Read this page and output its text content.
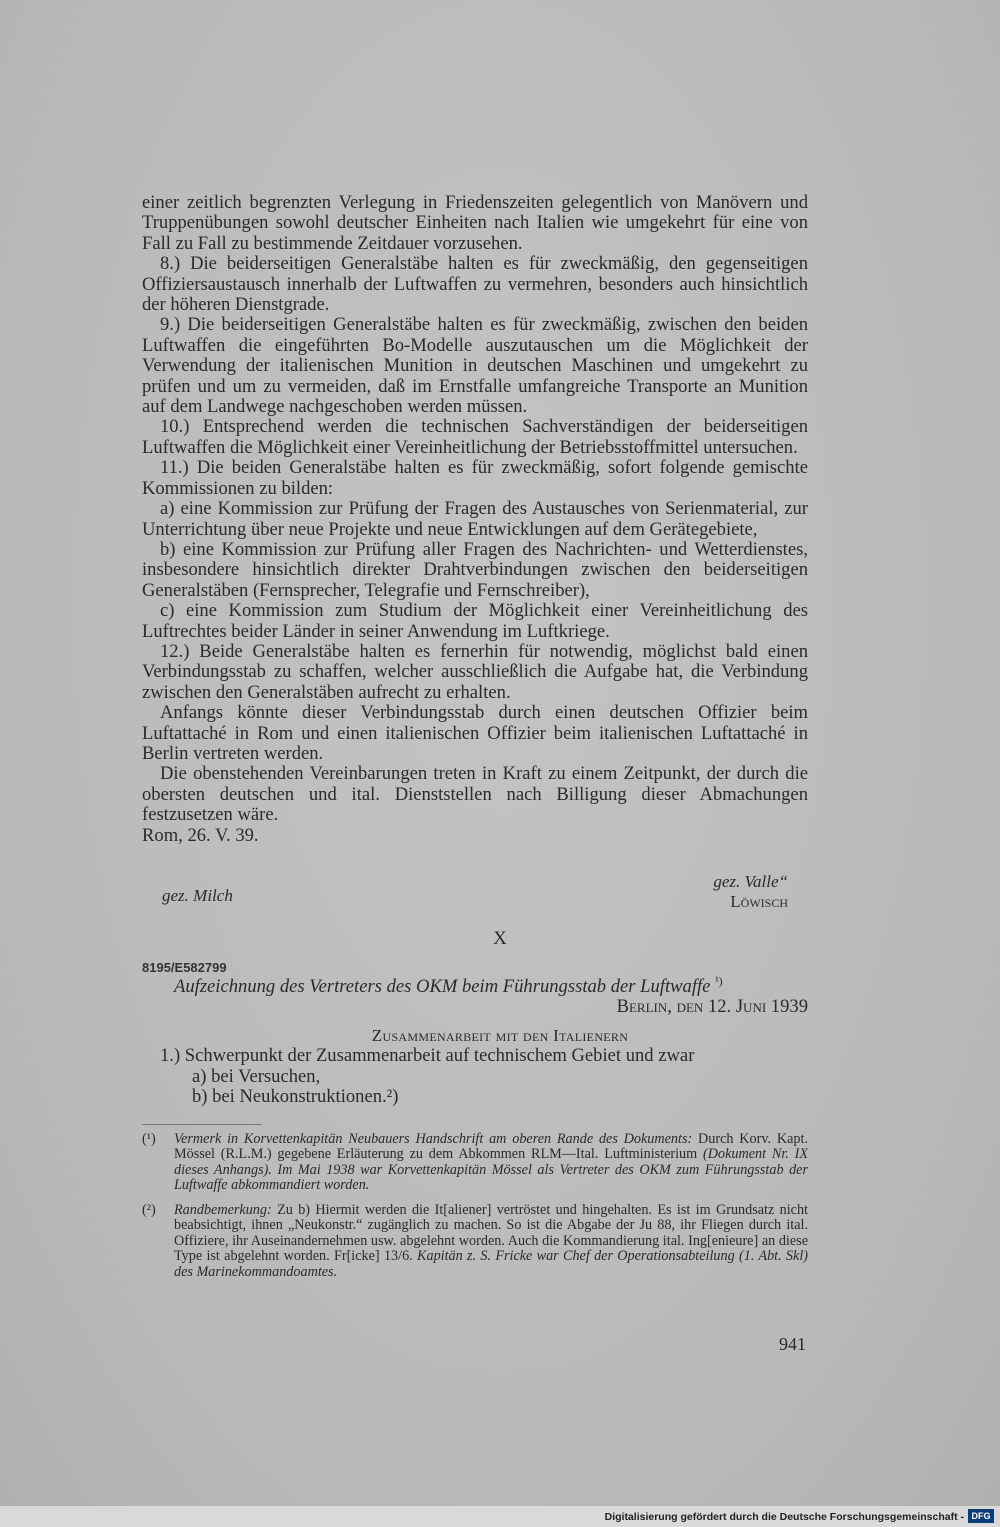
einer zeitlich begrenzten Verlegung in Friedenszeiten gelegentlich von Manövern und Truppenübungen sowohl deutscher Einheiten nach Italien wie umgekehrt für eine von Fall zu Fall zu bestimmende Zeitdauer vorzusehen.

8.) Die beiderseitigen Generalstäbe halten es für zweckmäßig, den gegenseitigen Offiziersaustausch innerhalb der Luftwaffen zu vermehren, besonders auch hinsichtlich der höheren Dienstgrade.

9.) Die beiderseitigen Generalstäbe halten es für zweckmäßig, zwischen den beiden Luftwaffen die eingeführten Bo-Modelle auszutauschen um die Möglichkeit der Verwendung der italienischen Munition in deutschen Maschinen und umgekehrt zu prüfen und um zu vermeiden, daß im Ernstfalle umfangreiche Transporte an Munition auf dem Landwege nachgeschoben werden müssen.

10.) Entsprechend werden die technischen Sachverständigen der beiderseitigen Luftwaffen die Möglichkeit einer Vereinheitlichung der Betriebsstoffmittel untersuchen.

11.) Die beiden Generalstäbe halten es für zweckmäßig, sofort folgende gemischte Kommissionen zu bilden:

a) eine Kommission zur Prüfung der Fragen des Austausches von Serienmaterial, zur Unterrichtung über neue Projekte und neue Entwicklungen auf dem Gerätegebiete,

b) eine Kommission zur Prüfung aller Fragen des Nachrichten- und Wetterdienstes, insbesondere hinsichtlich direkter Drahtverbindungen zwischen den beiderseitigen Generalstäben (Fernsprecher, Telegrafie und Fernschreiber),

c) eine Kommission zum Studium der Möglichkeit einer Vereinheitlichung des Luftrechtes beider Länder in seiner Anwendung im Luftkriege.

12.) Beide Generalstäbe halten es fernerhin für notwendig, möglichst bald einen Verbindungsstab zu schaffen, welcher ausschließlich die Aufgabe hat, die Verbindung zwischen den Generalstäben aufrecht zu erhalten.

Anfangs könnte dieser Verbindungsstab durch einen deutschen Offizier beim Luftattaché in Rom und einen italienischen Offizier beim italienischen Luftattaché in Berlin vertreten werden.

Die obenstehenden Vereinbarungen treten in Kraft zu einem Zeitpunkt, der durch die obersten deutschen und ital. Dienststellen nach Billigung dieser Abmachungen festzusetzen wäre.

Rom, 26. V. 39.

gez. Milch
gez. Valle“
Löwisch
X
8195/E582799
Aufzeichnung des Vertreters des OKM beim Führungsstab der Luftwaffe $^{^1)}$
Berlin, den 12. Juni 1939
Zusammenarbeit mit den Italienern
1.) Schwerpunkt der Zusammenarbeit auf technischem Gebiet und zwar
a) bei Versuchen,
b) bei Neukonstruktionen.²)
(¹)	Vermerk in Korvettenkapitän Neubauers Handschrift am oberen Rande des Dokuments: Durch Korv. Kapt. Mössel (R.L.M.) gegebene Erläuterung zu dem Abkommen RLM—Ital. Luftministerium (Dokument Nr. IX dieses Anhangs). Im Mai 1938 war Korvettenkapitän Mössel als Vertreter des OKM zum Führungsstab der Luftwaffe abkommandiert worden.
(²)	Randbemerkung: Zu b) Hiermit werden die It[aliener] vertröstet und hingehalten. Es ist im Grundsatz nicht beabsichtigt, ihnen „Neukonstr.“ zugänglich zu machen. So ist die Abgabe der Ju 88, ihr Fliegen durch ital. Offiziere, ihr Auseinandernehmen usw. abgelehnt worden. Auch die Kommandierung ital. Ing[enieure] an diese Type ist abgelehnt worden. Fr[icke] 13/6. Kapitän z. S. Fricke war Chef der Operationsabteilung (1. Abt. Skl) des Marinekommandoamtes.
941
Digitalisierung gefördert durch die Deutsche Forschungsgemeinschaft - DFG
